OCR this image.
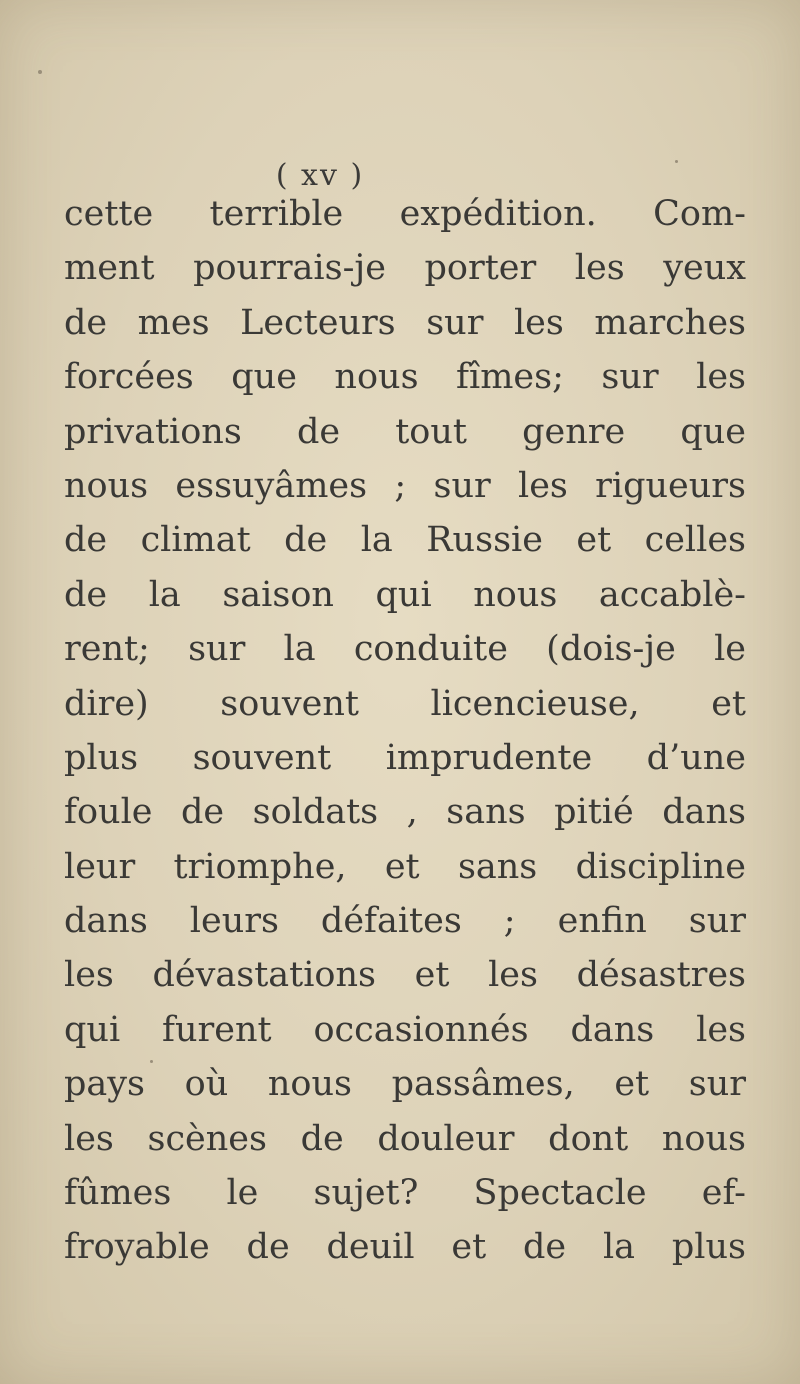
( xv )
cette terrible expédition. Com-
ment pourrais-je porter les yeux
de mes Lecteurs sur les marches
forcées que nous fîmes; sur les
privations de tout genre que
nous essuyâmes ; sur les rigueurs
de climat de la Russie et celles
de la saison qui nous accablè-
rent; sur la conduite (dois-je le
dire) souvent licencieuse, et
plus souvent imprudente d’une
foule de soldats , sans pitié dans
leur triomphe, et sans discipline
dans leurs défaites ; enfin sur
les dévastations et les désastres
qui furent occasionnés dans les
pays où nous passâmes, et sur
les scènes de douleur dont nous
fûmes le sujet? Spectacle ef-
froyable de deuil et de la plus
